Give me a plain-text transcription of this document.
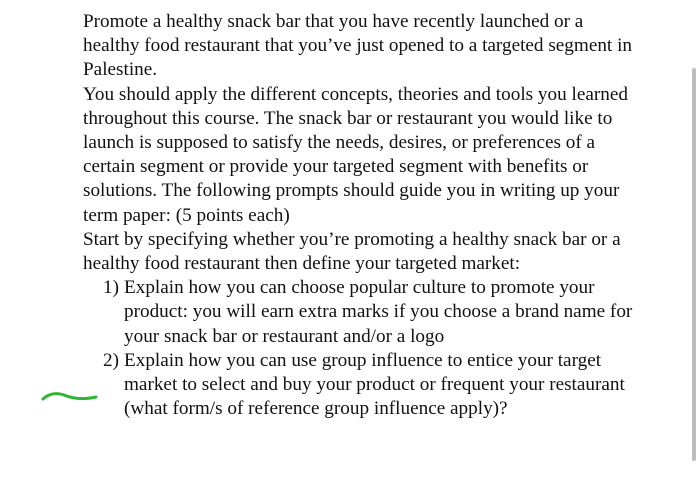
Promote a healthy snack bar that you have recently launched or a healthy food restaurant that you’ve just opened to a targeted segment in Palestine.

You should apply the different concepts, theories and tools you learned throughout this course. The snack bar or restaurant you would like to launch is supposed to satisfy the needs, desires, or preferences of a certain segment or provide your targeted segment with benefits or solutions. The following prompts should guide you in writing up your term paper: (5 points each)

Start by specifying whether you’re promoting a healthy snack bar or a healthy food restaurant then define your targeted market:

1) Explain how you can choose popular culture to promote your product: you will earn extra marks if you choose a brand name for your snack bar or restaurant and/or a logo
2) Explain how you can use group influence to entice your target market to select and buy your product or frequent your restaurant (what form/s of reference group influence apply)?
